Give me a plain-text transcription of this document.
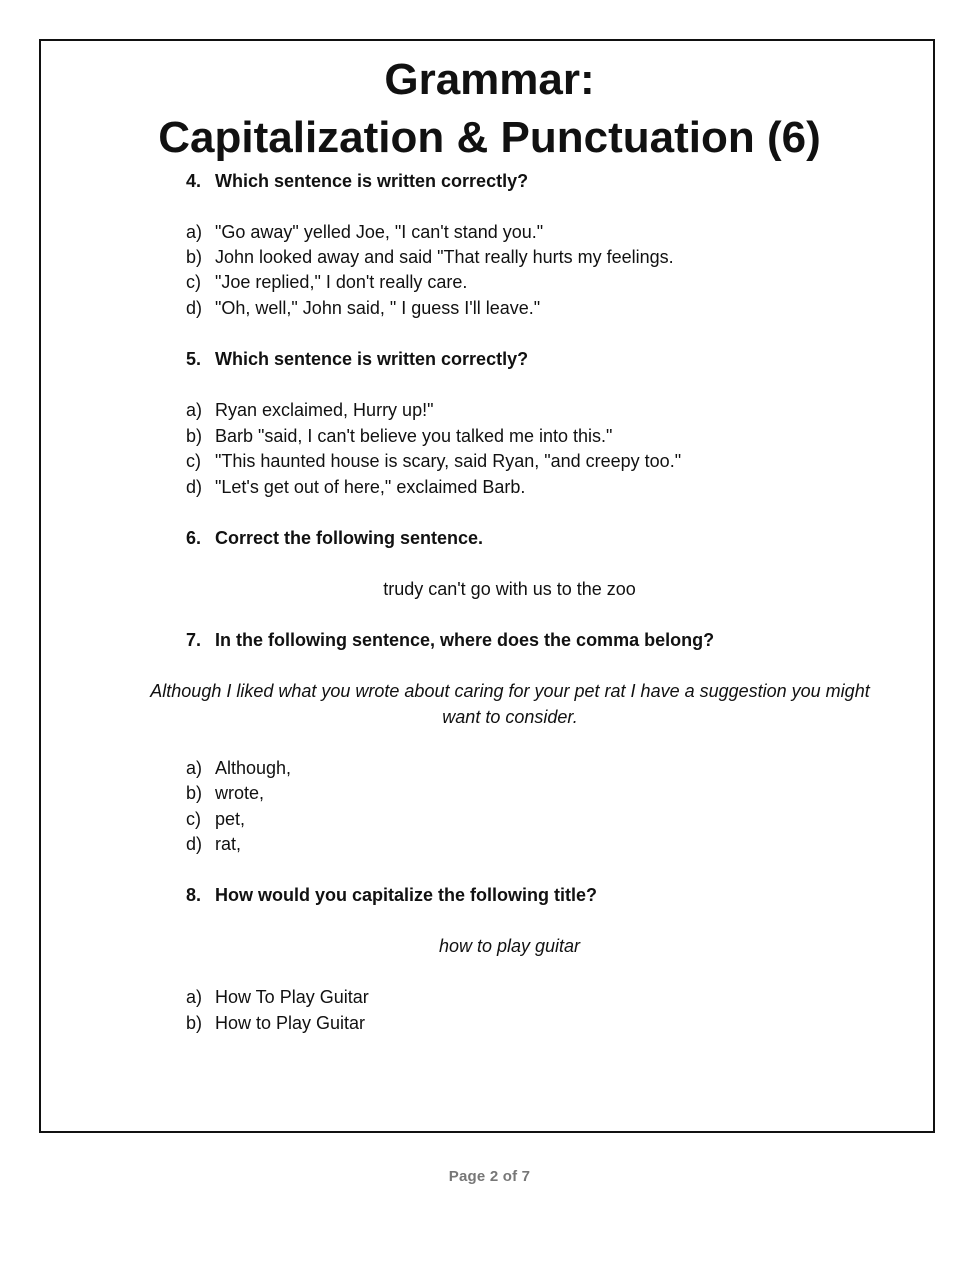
Grammar:
Capitalization & Punctuation (6)
4. Which sentence is written correctly?
a) "Go away" yelled Joe, "I can't stand you."
b) John looked away and said "That really hurts my feelings.
c) "Joe replied," I don't really care.
d) "Oh, well," John said, " I guess I'll leave."
5. Which sentence is written correctly?
a) Ryan exclaimed, Hurry up!"
b) Barb "said, I can't believe you talked me into this."
c) "This haunted house is scary, said Ryan, "and creepy too."
d) "Let's get out of here," exclaimed Barb.
6. Correct the following sentence.
trudy can't go with us to the zoo
7. In the following sentence, where does the comma belong?
Although I liked what you wrote about caring for your pet rat I have a suggestion you might want to consider.
a) Although,
b) wrote,
c) pet,
d) rat,
8. How would you capitalize the following title?
how to play guitar
a) How To Play Guitar
b) How to Play Guitar
Page 2 of 7
